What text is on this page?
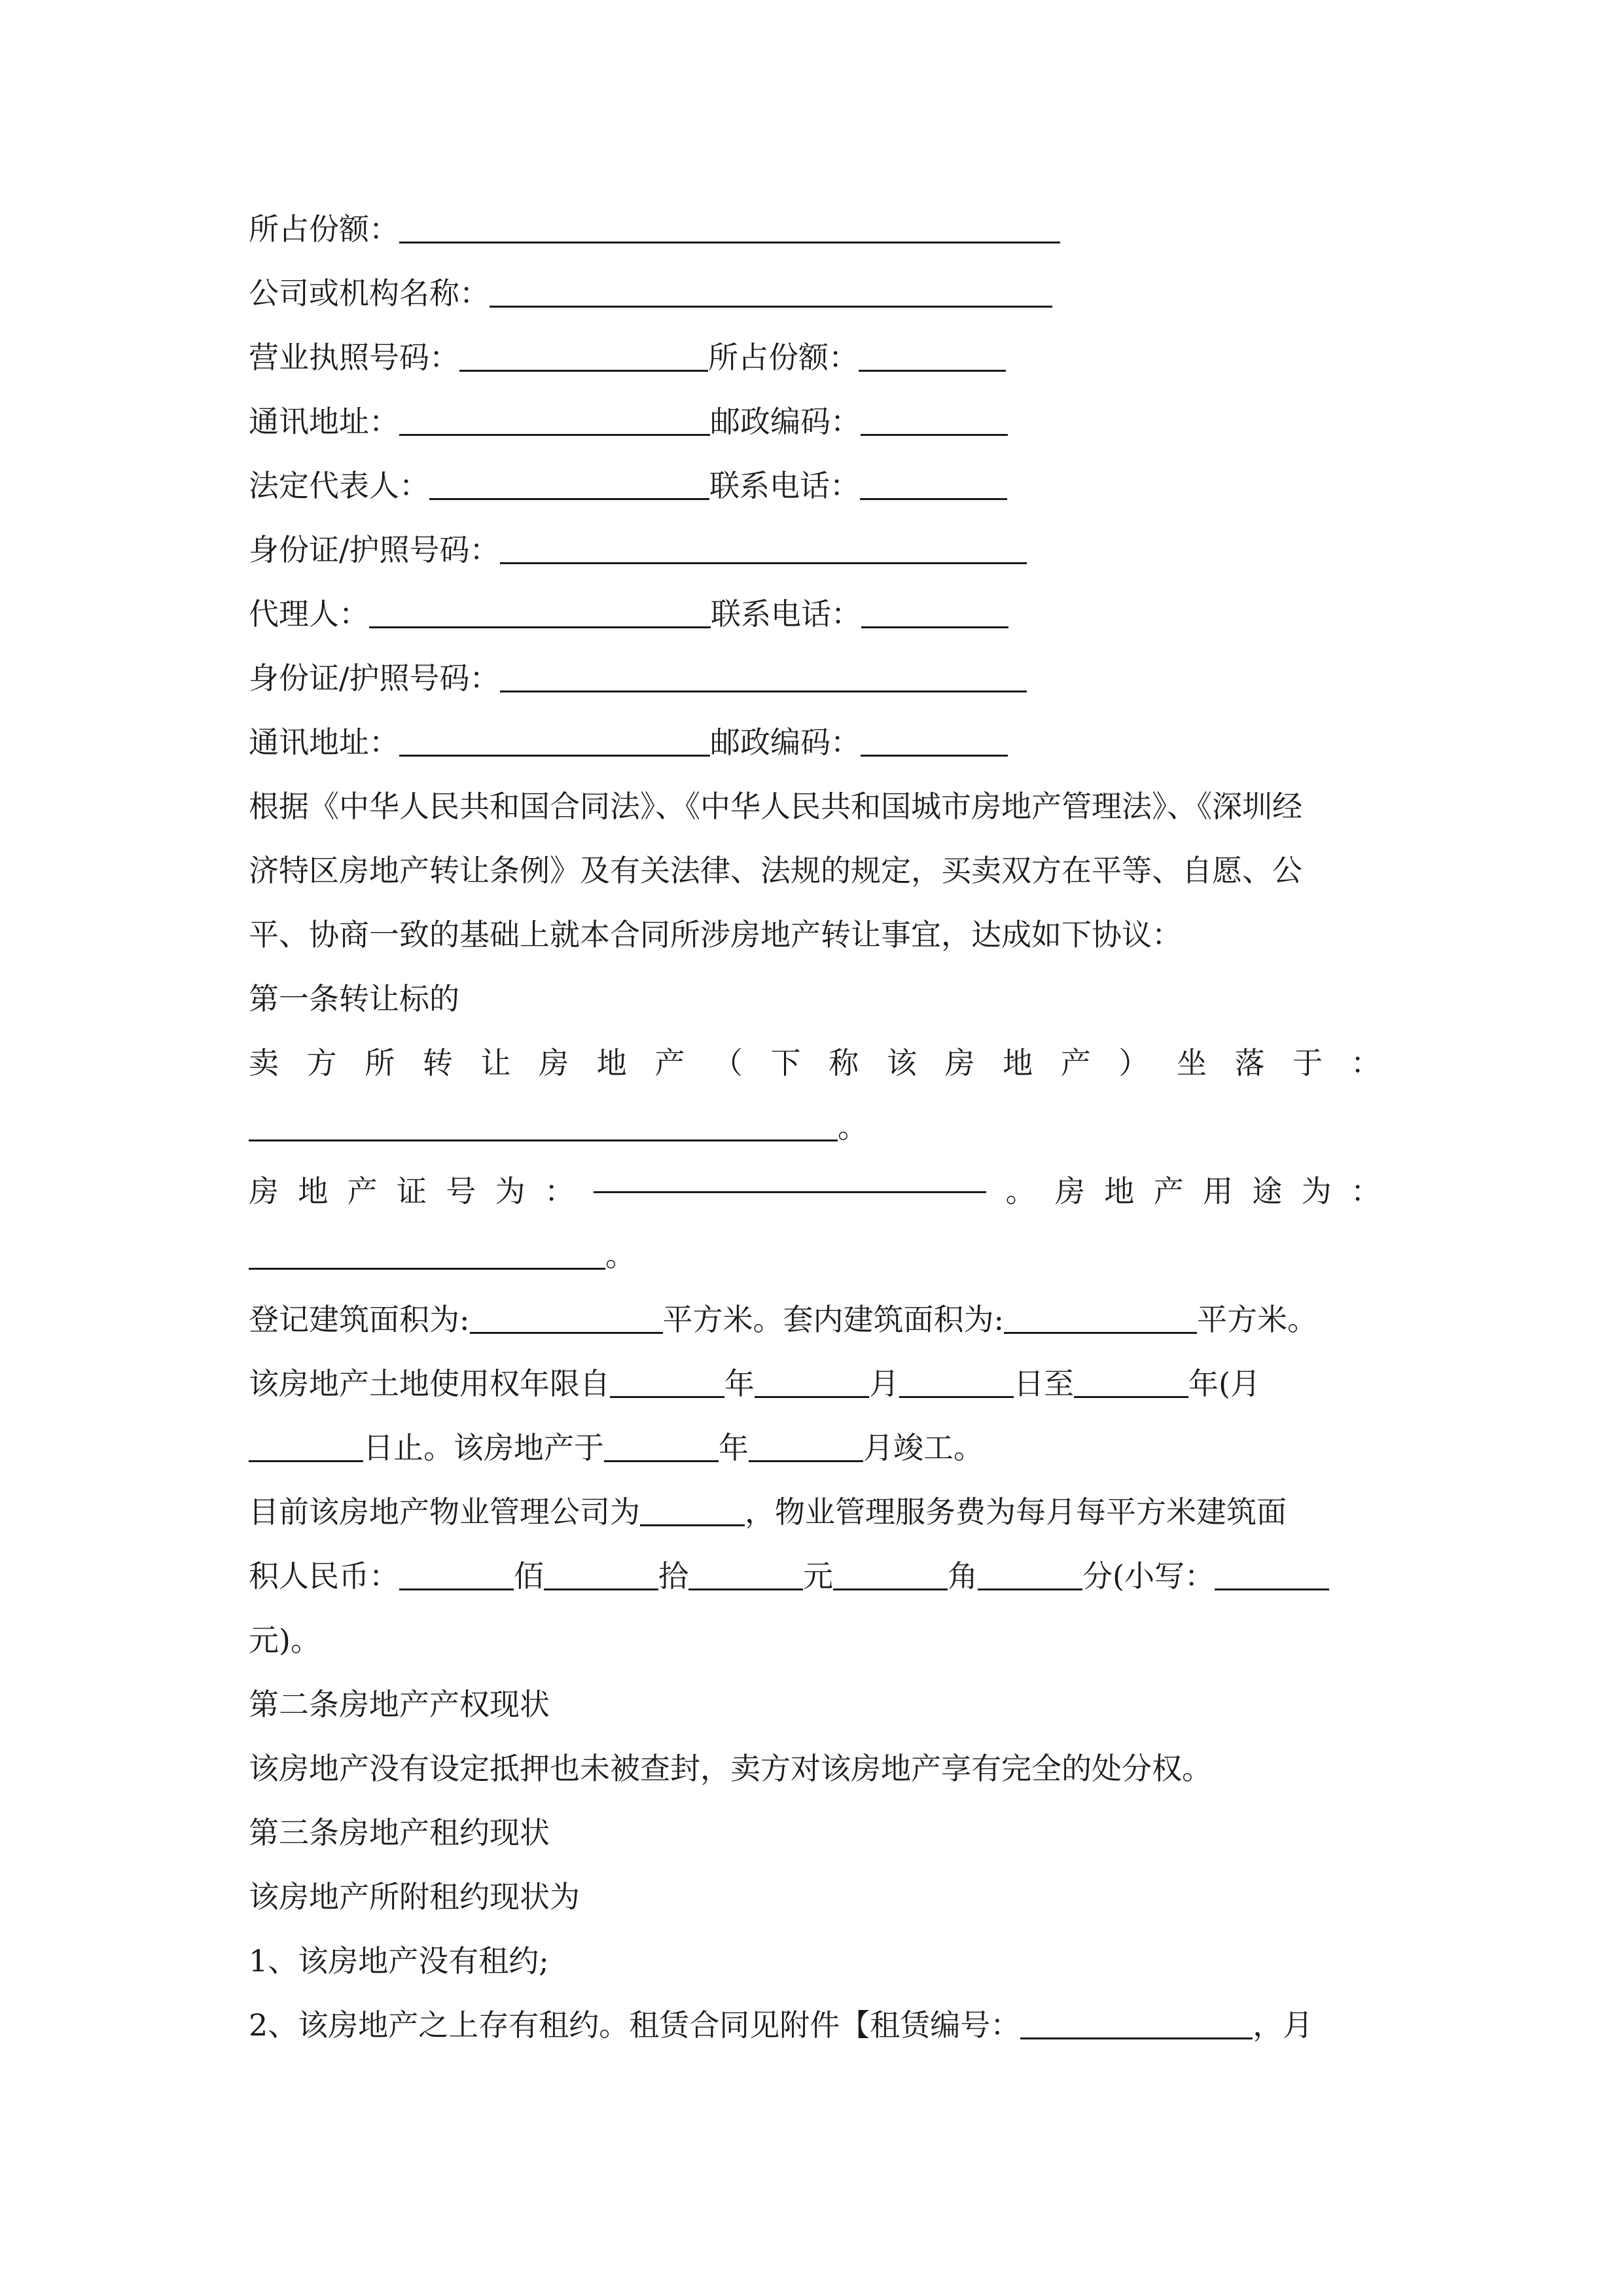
所占份额：
公司或机构名称：
营业执照号码：	所占份额：
通讯地址：	邮政编码：
法定代表人：	联系电话：
身份证/护照号码：
代理人：	联系电话：
身份证/护照号码：
通讯地址：	邮政编码：
根据《中华人民共和国合同法》、《中华人民共和国城市房地产管理法》、《深圳经
济特区房地产转让条例》及有关法律、法规的规定，买卖双方在平等、自愿、公
平、协商一致的基础上就本合同所涉房地产转让事宜，达成如下协议：
第一条转让标的
卖 方 所 转 让 房 地 产 （ 下 称 该 房 地 产 ） 坐 落 于 ：
。
房 地 产 证 号 为 ：	。 房 地 产 用 途 为 ：
。
登记建筑面积为:	平方米。套内建筑面积为:	平方米。
该房地产土地使用权年限自	年	月	日至	年(月
日止。该房地产于	年	月竣工。
目前该房地产物业管理公司为	，物业管理服务费为每月每平方米建筑面
积人民币：	佰	拾	元	角	分(小写：
元)。
第二条房地产产权现状
该房地产没有设定抵押也未被查封，卖方对该房地产享有完全的处分权。
第三条房地产租约现状
该房地产所附租约现状为
1、该房地产没有租约;
2、该房地产之上存有租约。租赁合同见附件【租赁编号：	，月
